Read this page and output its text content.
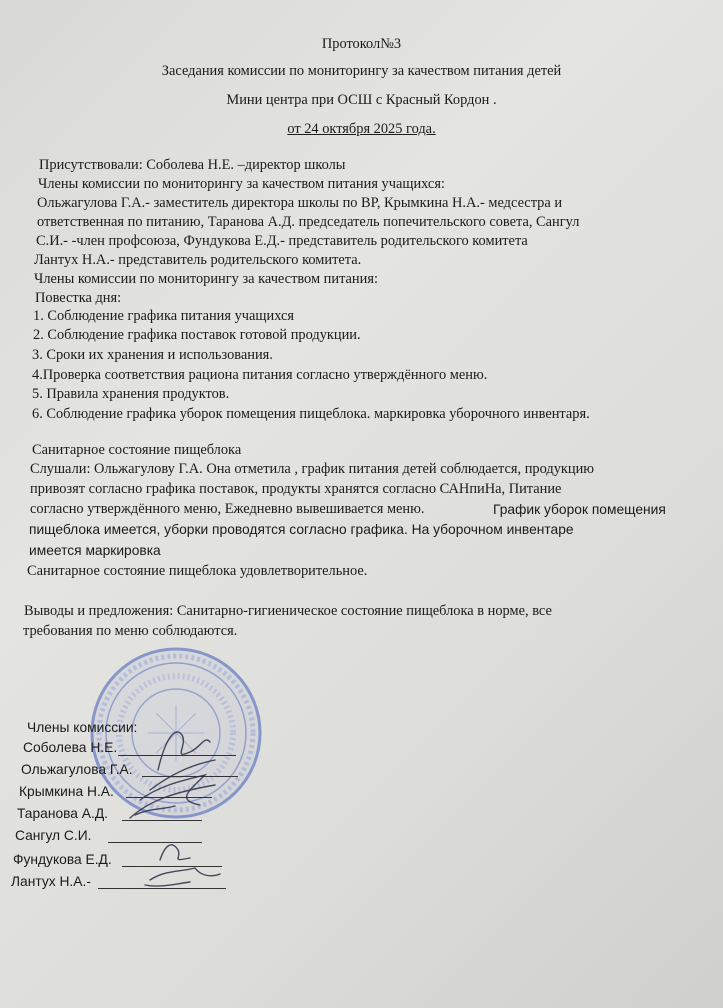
Протокол№3
Заседания комиссии по мониторингу за качеством питания детей
Мини центра при ОСШ с Красный Кордон .
от 24 октября 2025 года.
Присутствовали: Соболева Н.Е. –директор школы
Члены комиссии по мониторингу за качеством питания учащихся:
Ольжагулова Г.А.- заместитель директора школы по ВР, Крымкина Н.А.- медсестра и
ответственная по питанию, Таранова А.Д. председатель попечительского совета, Сангул
С.И.- -член профсоюза, Фундукова Е.Д.- представитель родительского комитета
Лантух Н.А.- представитель родительского комитета.
Члены комиссии по мониторингу за качеством питания:
Повестка дня:
1. Соблюдение графика питания учащихся
2. Соблюдение графика поставок готовой продукции.
3. Сроки их хранения и использования.
4.Проверка соответствия рациона питания согласно утверждённого меню.
5. Правила хранения продуктов.
6. Соблюдение графика уборок помещения пищеблока. маркировка уборочного инвентаря.
Санитарное состояние пищеблока
Слушали: Ольжагулову Г.А. Она отметила , график питания детей соблюдается, продукцию
привозят согласно графика поставок, продукты хранятся согласно САНпиНа, Питание
согласно утверждённого меню, Ежедневно вывешивается меню.	График уборок помещения
пищеблока имеется, уборки проводятся согласно графика. На уборочном инвентаре
имеется маркировка
Санитарное состояние пищеблока удовлетворительное.
Выводы и предложения: Санитарно-гигиеническое состояние пищеблока в норме, все
требования по меню соблюдаются.
Члены комиссии:
Соболева Н.Е.
Ольжагулова Г.А.
Крымкина Н.А.
Таранова А.Д.
Сангул С.И.
Фундукова Е.Д.
Лантух Н.А.-
